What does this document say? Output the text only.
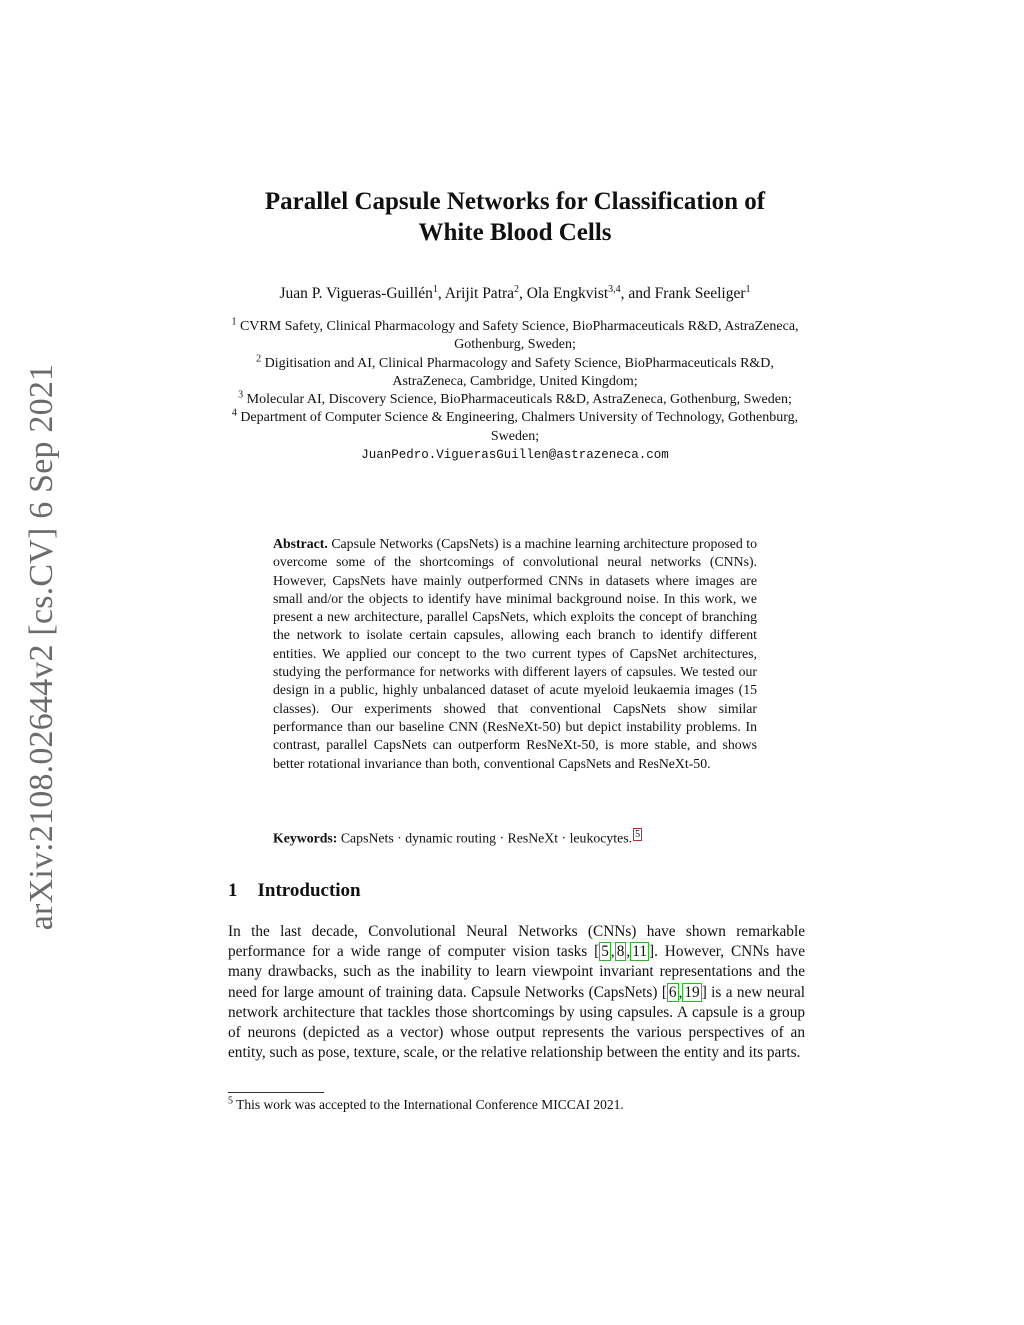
arXiv:2108.02644v2 [cs.CV] 6 Sep 2021
Parallel Capsule Networks for Classification of
White Blood Cells
Juan P. Vigueras-Guillén$^1$, Arijit Patra$^2$, Ola Engkvist$^{3,4}$, and Frank Seeliger$^1$

$^1$ CVRM Safety, Clinical Pharmacology and Safety Science, BioPharmaceuticals R&D, AstraZeneca, Gothenburg, Sweden;

$^2$ Digitisation and AI, Clinical Pharmacology and Safety Science, BioPharmaceuticals R&D, AstraZeneca, Cambridge, United Kingdom;

$^3$ Molecular AI, Discovery Science, BioPharmaceuticals R&D, AstraZeneca, Gothenburg, Sweden;

$^4$ Department of Computer Science & Engineering, Chalmers University of Technology, Gothenburg, Sweden;

JuanPedro.ViguerasGuillen@astrazeneca.com
Abstract. Capsule Networks (CapsNets) is a machine learning architecture proposed to overcome some of the shortcomings of convolutional neural networks (CNNs). However, CapsNets have mainly outperformed CNNs in datasets where images are small and/or the objects to identify have minimal background noise. In this work, we present a new architecture, parallel CapsNets, which exploits the concept of branching the network to isolate certain capsules, allowing each branch to identify different entities. We applied our concept to the two current types of CapsNet architectures, studying the performance for networks with different layers of capsules. We tested our design in a public, highly unbalanced dataset of acute myeloid leukaemia images (15 classes). Our experiments showed that conventional CapsNets show similar performance than our baseline CNN (ResNeXt-50) but depict instability problems. In contrast, parallel CapsNets can outperform ResNeXt-50, is more stable, and shows better rotational invariance than both, conventional CapsNets and ResNeXt-50.
Keywords: CapsNets · dynamic routing · ResNeXt · leukocytes. 5
1 Introduction
In the last decade, Convolutional Neural Networks (CNNs) have shown remarkable performance for a wide range of computer vision tasks [ 5 , 8 , 11 ]. However, CNNs have many drawbacks, such as the inability to learn viewpoint invariant representations and the need for large amount of training data. Capsule Networks (CapsNets) [ 6 , 19 ] is a new neural network architecture that tackles those shortcomings by using capsules. A capsule is a group of neurons (depicted as a vector) whose output represents the various perspectives of an entity, such as pose, texture, scale, or the relative relationship between the entity and its parts.
$^5$ This work was accepted to the International Conference MICCAI 2021.
